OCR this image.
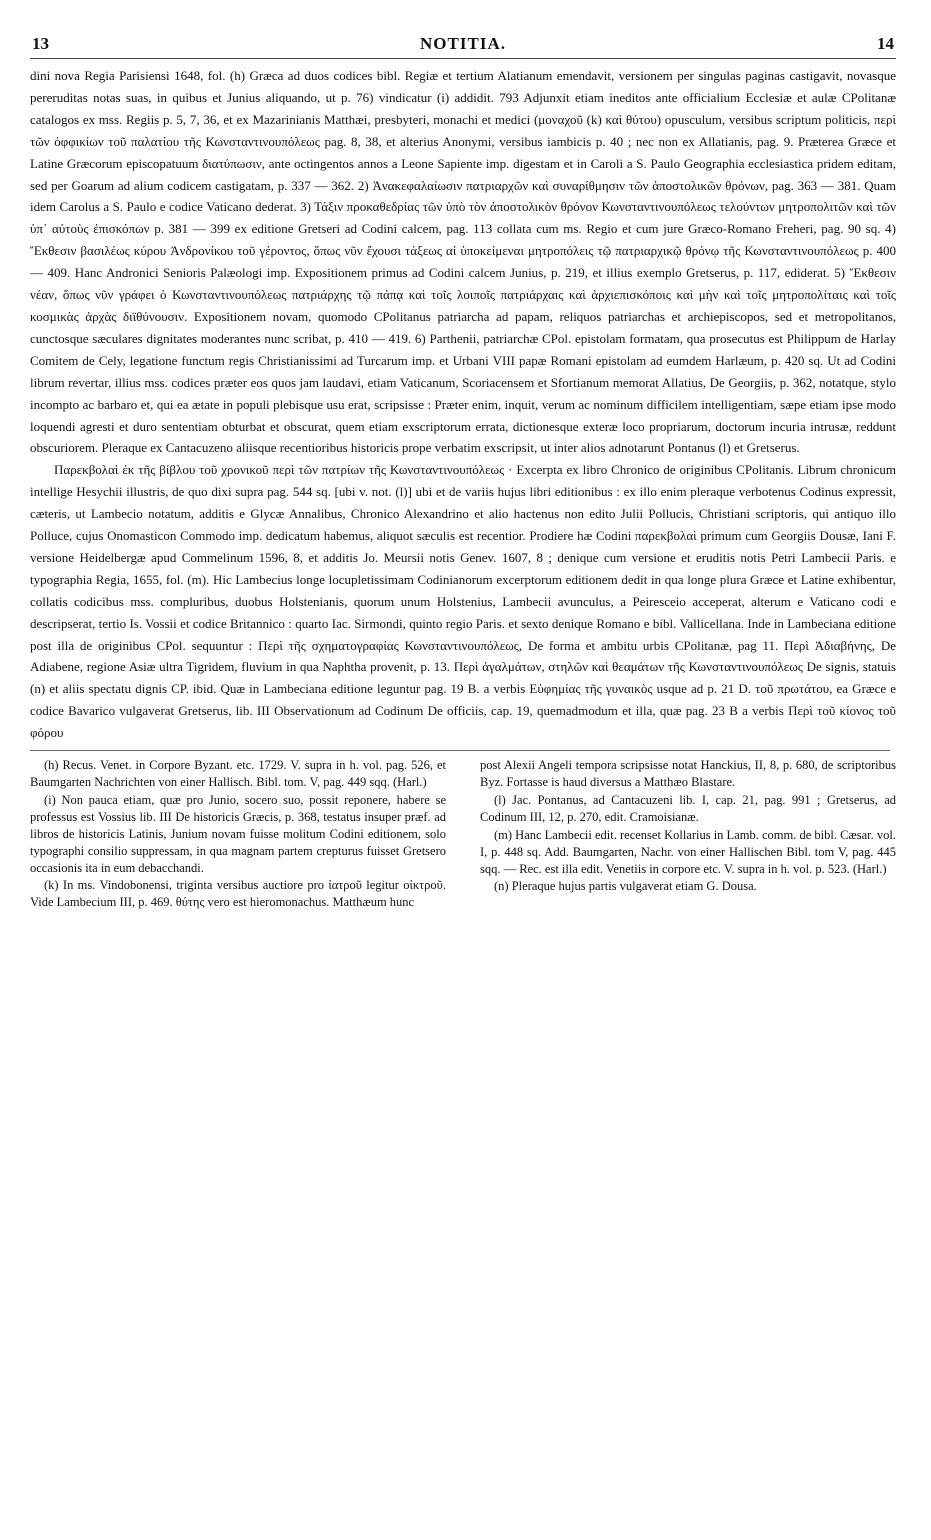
13	NOTITIA.	14

dini nova Regia Parisiensi 1648, fol. (h) Græca ad duos codices bibl. Regiæ et tertium Alatianum emendavit, versionem per singulas paginas castigavit, novasque pereruditas notas suas, in quibus et Junius aliquando, ut p. 76) vindicatur (i) addidit. 793 Adjunxit etiam ineditos ante officialium Ecclesiæ et aulæ CPolitanæ catalogos ex mss. Regiis p. 5, 7, 36, et ex Mazarinianis Matthæi, presbyteri, monachi et medici (μοναχοῦ (k) καὶ θύτου) opusculum, versibus scriptum politicis, περὶ τῶν ὀφφικίων τοῦ παλατίου τῆς Κωνσταντινουπόλεως pag. 8, 38, et alterius Anonymi, versibus iambicis p. 40 ; nec non ex Allatianis, pag. 9. Præterea Græce et Latine Græcorum episcopatuum διατύπωσιν, ante octingentos annos a Leone Sapiente imp. digestam et in Caroli a S. Paulo Geographia ecclesiastica pridem editam, sed per Goarum ad alium codicem castigatam, p. 337 — 362. 2) Ἀνακεφαλαίωσιν πατριαρχῶν καὶ συναρίθμησιν τῶν ἀποστολικῶν θρόνων, pag. 363 — 381. Quam idem Carolus a S. Paulo e codice Vaticano dederat. 3) Τάξιν προκαθεδρίας τῶν ὑπὸ τὸν ἀποστολικὸν θρόνον Κωνσταντινουπόλεως τελούντων μητροπολιτῶν καὶ τῶν ὑπ᾽ αὐτοὺς ἐπισκόπων p. 381 — 399 ex editione Gretseri ad Codini calcem, pag. 113 collata cum ms. Regio et cum jure Græco-Romano Freheri, pag. 90 sq. 4) Ἔκθεσιν βασιλέως κύρου Ἀνδρονίκου τοῦ γέροντος, ὅπως νῦν ἔχουσι τάξεως αἱ ὑποκείμεναι μητροπόλεις τῷ πατριαρχικῷ θρόνῳ τῆς Κωνσταντινουπόλεως p. 400 — 409. Hanc Andronici Senioris Palæologi imp. Expositionem primus ad Codini calcem Junius, p. 219, et illius exemplo Gretserus, p. 117, ediderat. 5) Ἔκθεσιν νέαν, ὅπως νῦν γράφει ὁ Κωνσταντινουπόλεως πατριάρχης τῷ πάπᾳ καὶ τοῖς λοιποῖς πατριάρχαις καὶ ἀρχιεπισκόποις καὶ μὴν καὶ τοῖς μητροπολίταις καὶ τοῖς κοσμικὰς ἀρχὰς διϊθύνουσιν. Expositionem novam, quomodo CPolitanus patriarcha ad papam, reliquos patriarchas et archiepiscopos, sed et metropolitanos, cunctosque sæculares dignitates moderantes nunc scribat, p. 410 — 419. 6) Parthenii, patriarchæ CPol. epistolam formatam, qua prosecutus est Philippum de Harlay Comitem de Cely, legatione functum regis Christianissimi ad Turcarum imp. et Urbani VIII papæ Romani epistolam ad eumdem Harlæum, p. 420 sq. Ut ad Codini librum revertar, illius mss. codices præter eos quos jam laudavi, etiam Vaticanum, Scoriacensem et Sfortianum memorat Allatius, De Georgiis, p. 362, notatque, stylo incompto ac barbaro et, qui ea ætate in populi plebisque usu erat, scripsisse : Præter enim, inquit, verum ac nominum difficilem intelligentiam, sæpe etiam ipse modo loquendi agresti et duro sententiam obturbat et obscurat, quem etiam exscriptorum errata, dictionesque exteræ loco propriarum, doctorum incuria intrusæ, reddunt obscuriorem. Pleraque ex Cantacuzeno aliisque recentioribus historicis prope verbatim exscripsit, ut inter alios adnotarunt Pontanus (l) et Gretserus.

Παρεκβολαὶ ἐκ τῆς βίβλου τοῦ χρονικοῦ περὶ τῶν πατρίων τῆς Κωνσταντινουπόλεως · Excerpta ex libro Chronico de originibus CPolitanis. Librum chronicum intellige Hesychii illustris, de quo dixi supra pag. 544 sq. [ubi v. not. (l)] ubi et de variis hujus libri editionibus : ex illo enim pleraque verbotenus Codinus expressit, cæteris, ut Lambecio notatum, additis e Glycæ Annalibus, Chronico Alexandrino et alio hactenus non edito Julii Pollucis, Christiani scriptoris, qui antiquo illo Polluce, cujus Onomasticon Commodo imp. dedicatum habemus, aliquot sæculis est recentior. Prodiere hæ Codini παρεκβολαὶ primum cum Georgiis Dousæ, Iani F. versione Heidelbergæ apud Commelinum 1596, 8, et additis Jo. Meursii notis Genev. 1607, 8 ; denique cum versione et eruditis notis Petri Lambecii Paris. e typographia Regia, 1655, fol. (m). Hic Lambecius longe locupletissimam Codinianorum excerptorum editionem dedit in qua longe plura Græce et Latine exhibentur, collatis codicibus mss. compluribus, duobus Holstenianis, quorum unum Holstenius, Lambecii avunculus, a Peiresceio acceperat, alterum e Vaticano codi e descripserat, tertio Is. Vossii et codice Britannico : quarto Iac. Sirmondi, quinto regio Paris. et sexto denique Romano e bibl. Vallicellana. Inde in Lambeciana editione post illa de originibus CPol. sequuntur : Περὶ τῆς σχηματογραφίας Κωνσταντινουπόλεως, De forma et ambitu urbis CPolitanæ, pag 11. Περὶ Ἀδιαβήνης, De Adiabene, regione Asiæ ultra Tigridem, fluvium in qua Naphtha provenit, p. 13. Περὶ ἀγαλμάτων, στηλῶν καὶ θεαμάτων τῆς Κωνσταντινουπόλεως De signis, statuis (n) et aliis spectatu dignis CP. ibid. Quæ in Lambeciana editione leguntur pag. 19 B. a verbis Εὐφημίας τῆς γυναικὸς usque ad p. 21 D. τοῦ πρωτάτου, ea Græce e codice Bavarico vulgaverat Gretserus, lib. III Observationum ad Codinum De officiis, cap. 19, quemadmodum et illa, quæ pag. 23 B a verbis Περὶ τοῦ κίονος τοῦ φόρου

(h) Recus. Venet. in Corpore Byzant. etc. 1729. V. supra in h. vol. pag. 526, et Baumgarten Nachrichten von einer Hallisch. Bibl. tom. V, pag. 449 sqq. (Harl.)

(i) Non pauca etiam, quæ pro Junio, socero suo, possit reponere, habere se professus est Vossius lib. III De historicis Græcis, p. 368, testatus insuper præf. ad libros de historicis Latinis, Junium novam fuisse molitum Codini editionem, solo typographi consilio suppressam, in qua magnam partem crepturus fuisset Gretsero occasionis ita in eum debacchandi.

(k) In ms. Vindobonensi, triginta versibus auctiore pro ἰατροῦ legitur οἰκτροῦ. Vide Lambecium III, p. 469. θύτης vero est hieromonachus. Matthæum hunc

post Alexii Angeli tempora scripsisse notat Hanckius, II, 8, p. 680, de scriptoribus Byz. Fortasse is haud diversus a Matthæo Blastare.

(l) Jac. Pontanus, ad Cantacuzeni lib. I, cap. 21, pag. 991 ; Gretserus, ad Codinum III, 12, p. 270, edit. Cramoisianæ.

(m) Hanc Lambecii edit. recenset Kollarius in Lamb. comm. de bibl. Cæsar. vol. I, p. 448 sq. Add. Baumgarten, Nachr. von einer Hallischen Bibl. tom V, pag. 445 sqq. — Rec. est illa edit. Venetiis in corpore etc. V. supra in h. vol. p. 523. (Harl.)

(n) Pleraque hujus partis vulgaverat etiam G. Dousa.
